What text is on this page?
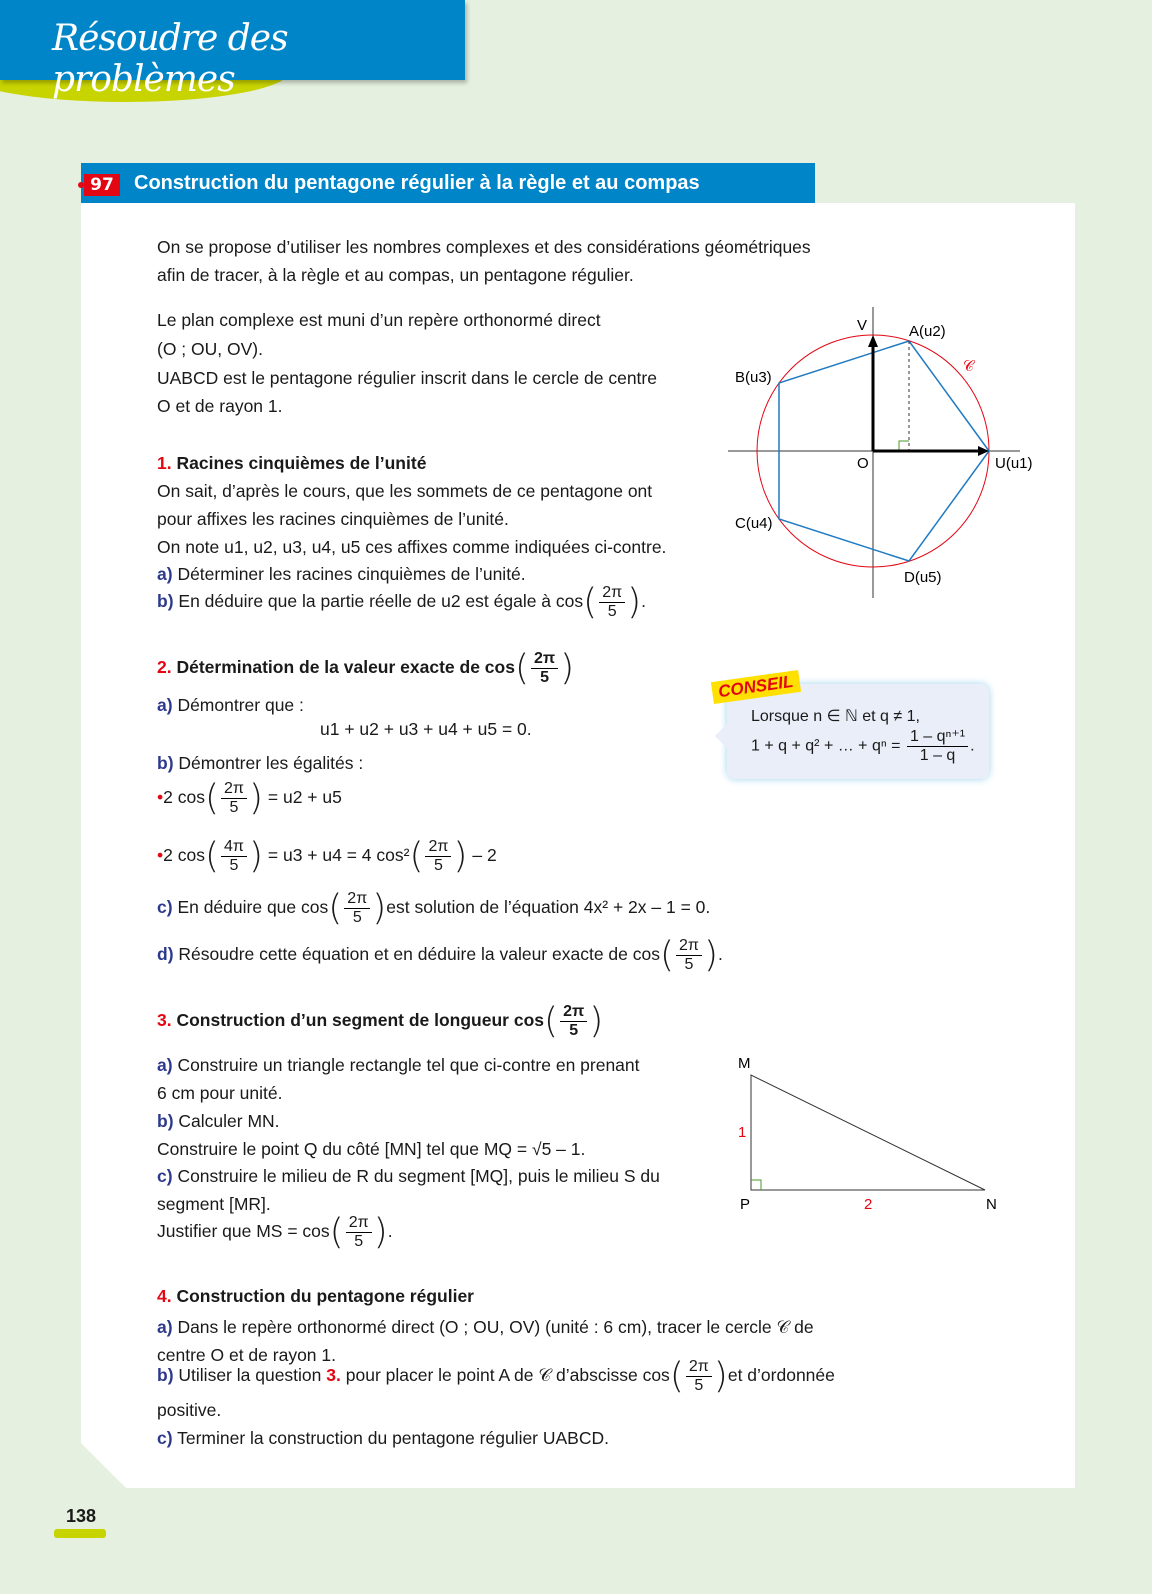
Résoudre des problèmes
97	Construction du pentagone régulier à la règle et au compas
On se propose d’utiliser les nombres complexes et des considérations géométriques
afin de tracer, à la règle et au compas, un pentagone régulier.
Le plan complexe est muni d’un repère orthonormé direct
(O ; OU, OV).
UABCD est le pentagone régulier inscrit dans le cercle de centre
O et de rayon 1.
V	A(u2)
B(u3)
O	U(u1)
C(u4)
D(u5)
𝒞
M
P	N
1
2
1. Racines cinquièmes de l’unité
On sait, d’après le cours, que les sommets de ce pentagone ont
pour affixes les racines cinquièmes de l’unité.
On note u1, u2, u3, u4, u5 ces affixes comme indiquées ci-contre.
a) Déterminer les racines cinquièmes de l’unité.
b) En déduire que la partie réelle de u2 est égale à $\cos( \frac{2\pi}{5}$ ).
2. Détermination de la valeur exacte de $\cos( \frac{2\pi}{5}$ )
a) Démontrer que :
u1 + u2 + u3 + u4 + u5 = 0.
b) Démontrer les égalités :
•2 $\cos( \frac{2\pi}{5}$ ) = u2 + u5
•2 $\cos( \frac{4\pi}{5}$ ) = u3 + u4 = 4 $\cos^2( \frac{2\pi}{5}$ ) – 2
c) En déduire que $\cos( \frac{2\pi}{5} )est$ solution de l’équation 4x² + 2x – 1 = 0.
d) Résoudre cette équation et en déduire la valeur exacte de $\cos( \frac{2\pi}{5}$ ).
Lorsque n ∈ ℕ et q ≠ 1,
1 + q + q² + … + $q^n = \frac{\text{1 – qⁿ⁺¹}}{1 - q}$ .
CONSEIL
3. Construction d’un segment de longueur $\cos( \frac{2\pi}{5}$ )
a) Construire un triangle rectangle tel que ci-contre en prenant
6 cm pour unité.
b) Calculer MN.
Construire le point Q du côté [MN] tel que MQ = √5 – 1.
c) Construire le milieu de R du segment [MQ], puis le milieu S du
segment [MR].
Justifier que MS = $\cos( \frac{2\pi}{5}$ ).
4. Construction du pentagone régulier
a) Dans le repère orthonormé direct (O ; OU, OV) (unité : 6 cm), tracer le cercle 𝒞 de
centre O et de rayon 1.
b) Utiliser la question 3. pour placer le point A de 𝒞 d’abscisse $\cos( \frac{2\pi}{5} )et$ d’ordonnée
positive.
c) Terminer la construction du pentagone régulier UABCD.
138
